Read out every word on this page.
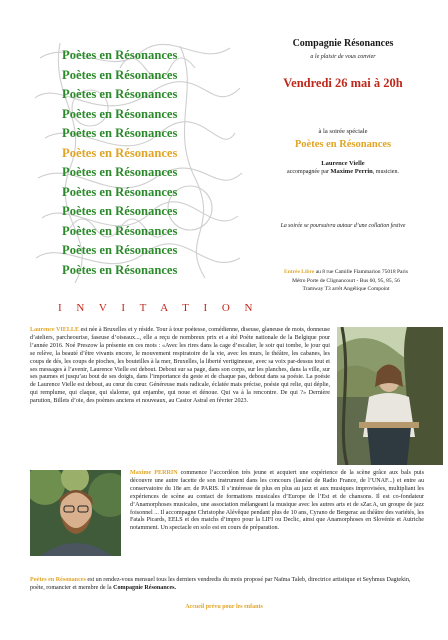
Poètes en Résonances
Poètes en Résonances
Poètes en Résonances
Poètes en Résonances
Poètes en Résonances
Poètes en Résonances
Poètes en Résonances
Poètes en Résonances
Poètes en Résonances
Poètes en Résonances
Poètes en Résonances
Poètes en Résonances
I N V I T A T I O N
Compagnie Résonances
a le plaisir de vous convier
Vendredi 26 mai à 20h
à la soirée spéciale
Poètes en Résonances
Laurence Vielle
accompagnée par Maxime Perrin, musicien.
La soirée se poursuivra autour d’une collation festive
Entrée Libre au 8 rue Camille Flammarion 75018 Paris
Métro Porte de Clignancourt - Bus 60, 95, 85, 56
Tramway T3 arrêt Angélique Compoint
Laurence VIELLE est née à Bruxelles et y réside. Tour à tour poétesse, comédienne, diseuse, glaneuse de mots, donneuse d’ateliers, parcheourise, faseuse d’oiseaux..., elle a reçu de nombreux prix et a été Poète nationale de la Belgique pour l’année 2016. Noé Preszow la présente en ces mots : «Avec les rires dans la cage d’escalier, le soir qui tombe, le jour qui se relève, la beauté d’être vivants encore, le mouvement respiratoire de la vie, avec les murs, le théâtre, les cabanes, les coups de dés, les coups de pioches, les bouteilles à la mer, Bruxelles, la liberté vertigineuse, avec sa voix par-dessus tout et ses messages à l’avenir, Laurence Vielle est debout. Debout sur sa page, dans son corps, sur les planches, dans la ville, sur ses paumes et jusqu’au bout de ses doigts, dans l’importance du geste et de chaque pas, debout dans sa poésie. La poésie de Laurence Vielle est debout, au cœur du cœur. Généreuse mais radicale, éclatée mais précise, poésie qui relie, qui déplie, qui remplume, qui claque, qui slalome, qui enjambe, qui noue et dénoue. Qui va à la rencontre. De qui ?» Dernière parution, Billets d’oie, des poèmes anciens et nouveaux, au Castor Astral en février 2023.
Maxime PERRIN commence l’accordéon très jeune et acquiert une expérience de la scène grâce aux bals puis découvre une autre facette de son instrument dans les concours (lauréat de Radio France, de l’UNAF...) et entre au conservatoire du 18e arr. de PARIS. Il s’intéresse de plus en plus au jazz et aux musiques improvisées, multipliant les expériences de scène au contact de formations musicales d’Europe de l’Est et de chansons. Il est co-fondateur d’Anamorphoses musicales, une association mélangeant la musique avec les autres arts et de sZar.A, un groupe de jazz foisonnel ... Il accompagne Christophe Alévêque pendant plus de 10 ans, Cyrano de Bergerac au théâtre des variétés, les Fatals Picards, EELS et des matchs d’impro pour la LIFI ou Declic, ainsi que Anamorphoses en Slovénie et Autriche notamment. Un spectacle en solo est en cours de préparation.
Poètes en Résonances est un rendez-vous mensuel tous les derniers vendredis du mois proposé par Naïma Taleb, directrice artistique et Seyhmus Dagtekin, poète, romancier et membre de la Compagnie Résonances.
Accueil prévu pour les enfants
